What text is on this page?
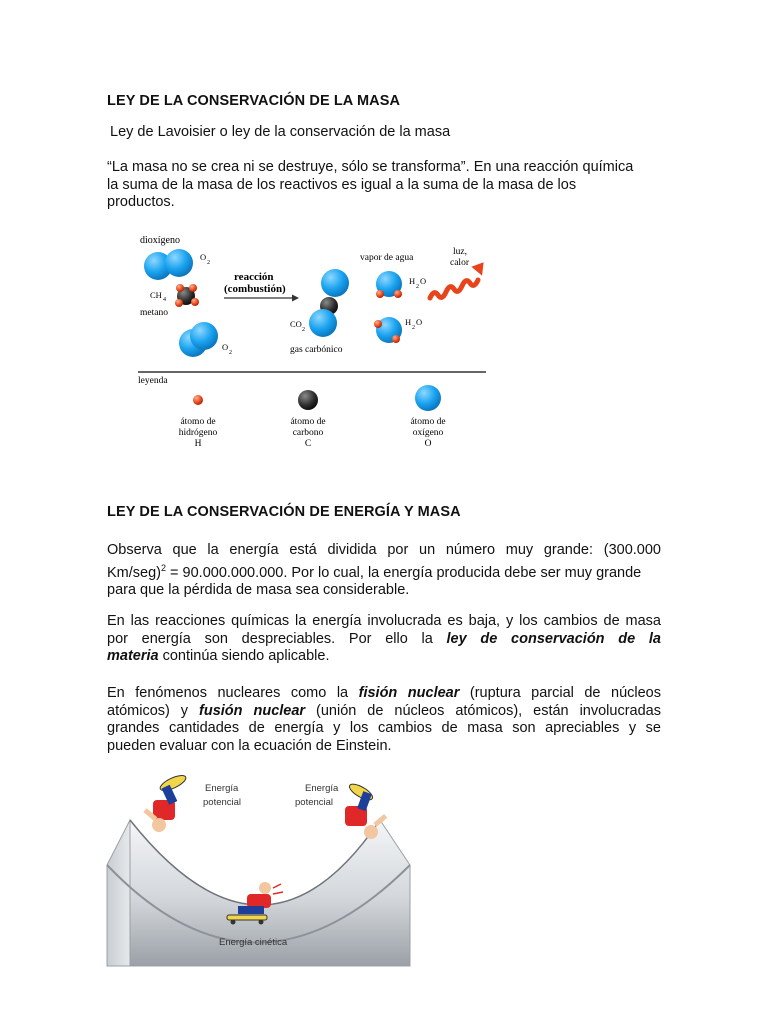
LEY DE LA CONSERVACIÓN DE LA MASA
Ley de Lavoisier o ley de la conservación de la masa
“La masa no se crea ni se destruye, sólo se transforma”. En una reacción química
la suma de la masa de los reactivos es igual a la suma de la masa de los
productos.
dioxígeno
O
2
CH 4
metano
O
2
reacción
(combustión)
CO
2
gas carbónico
vapor de agua
H
2
O
H
2
O
luz,
calor
leyenda
átomo de
hidrógeno
H
átomo de
carbono
C
átomo de
oxígeno
O
LEY DE LA CONSERVACIÓN DE ENERGÍA Y MASA
Observa que la energía está dividida por un número muy grande: (300.000
Km/seg)$^2$ = 90.000.000.000. Por lo cual, la energía producida debe ser muy grande
para que la pérdida de masa sea considerable.
En las reacciones químicas la energía involucrada es baja, y los cambios de masa
por energía son despreciables. Por ello la ley de conservación de la
materia continúa siendo aplicable.
En fenómenos nucleares como la fisión nuclear (ruptura parcial de núcleos
atómicos) y fusión nuclear (unión de núcleos atómicos), están involucradas
grandes cantidades de energía y los cambios de masa son apreciables y se
pueden evaluar con la ecuación de Einstein.
Energía
potencial
Energía
potencial
Energía cinética
